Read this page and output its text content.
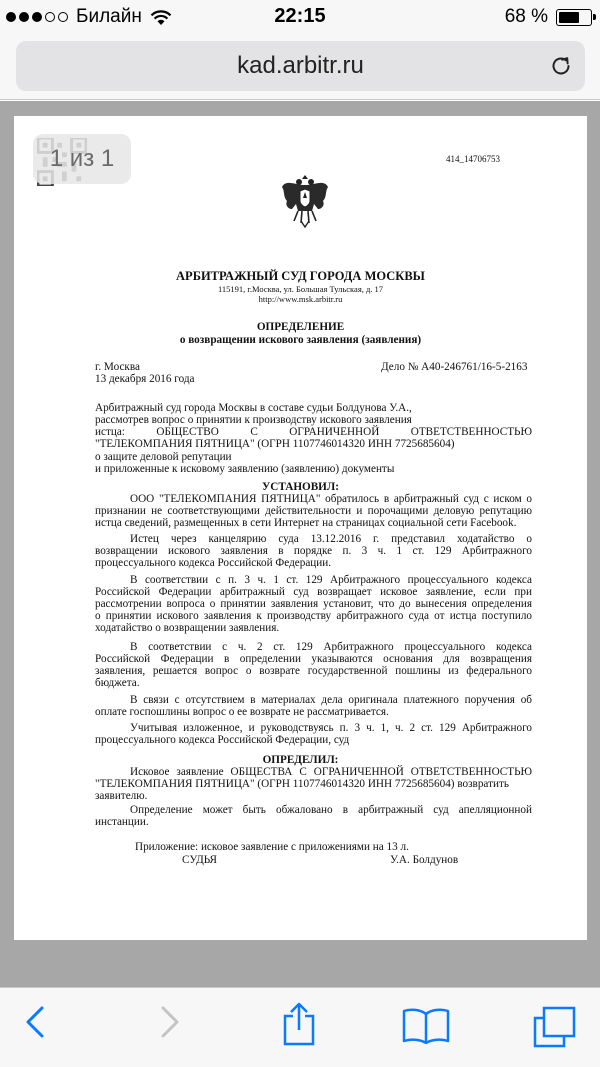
Билайн	22:15	68 %
kad.arbitr.ru
414_14706753
АРБИТРАЖНЫЙ СУД ГОРОДА МОСКВЫ
115191, г.Москва, ул. Большая Тульская, д. 17
http://www.msk.arbitr.ru
ОПРЕДЕЛЕНИЕ
о возвращении искового заявления (заявления)
г. Москва	Дело № А40-246761/16-5-2163
13 декабря 2016 года
Арбитражный суд города Москвы в составе судьи Болдунова У.А.,
рассмотрев вопрос о принятии к производству искового заявления
истца: ОБЩЕСТВО С ОГРАНИЧЕННОЙ ОТВЕТСТВЕННОСТЬЮ
"ТЕЛЕКОМПАНИЯ ПЯТНИЦА" (ОГРН 1107746014320 ИНН 7725685604)
о защите деловой репутации
и приложенные к исковому заявлению (заявлению) документы
УСТАНОВИЛ:
ООО "ТЕЛЕКОМПАНИЯ ПЯТНИЦА" обратилось в арбитражный суд с иском о
признании не соответствующими действительности и порочащими деловую репутацию
истца сведений, размещенных в сети Интернет на страницах социальной сети Facebook.
Истец через канцелярию суда 13.12.2016 г. представил ходатайство о
возвращении искового заявления в порядке п. 3 ч. 1 ст. 129 Арбитражного
процессуального кодекса Российской Федерации.
В соответствии с п. 3 ч. 1 ст. 129 Арбитражного процессуального кодекса
Российской Федерации арбитражный суд возвращает исковое заявление, если при
рассмотрении вопроса о принятии заявления установит, что до вынесения определения
о принятии искового заявления к производству арбитражного суда от истца поступило
ходатайство о возвращении заявления.
В соответствии с ч. 2 ст. 129 Арбитражного процессуального кодекса
Российской Федерации в определении указываются основания для возвращения
заявления, решается вопрос о возврате государственной пошлины из федерального
бюджета.
В связи с отсутствием в материалах дела оригинала платежного поручения об
оплате госпошлины вопрос о ее возврате не рассматривается.
Учитывая изложенное, и руководствуясь п. 3 ч. 1, ч. 2 ст. 129 Арбитражного
процессуального кодекса Российской Федерации, суд
ОПРЕДЕЛИЛ:
Исковое заявление ОБЩЕСТВА С ОГРАНИЧЕННОЙ ОТВЕТСТВЕННОСТЬЮ
"ТЕЛЕКОМПАНИЯ ПЯТНИЦА" (ОГРН 1107746014320 ИНН 7725685604) возвратить
заявителю.
Определение может быть обжаловано в арбитражный суд апелляционной
инстанции.
Приложение: исковое заявление с приложениями на 13 л.
СУДЬЯ	У.А. Болдунов
1 из 1
